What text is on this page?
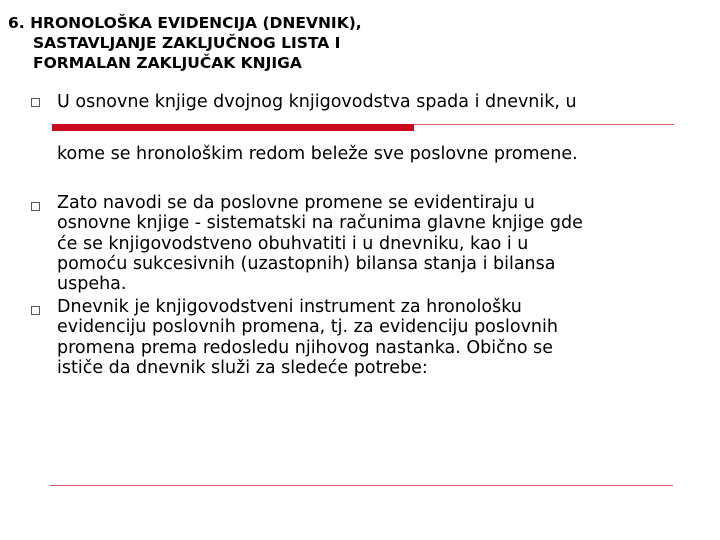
6. HRONOLOŠKA EVIDENCIJA (DNEVNIK),
SASTAVLJANJE ZAKLJUČNOG LISTA I
FORMALAN ZAKLJUČAK KNJIGA
U osnovne knjige dvojnog knjigovodstva spada i dnevnik, u
kome se hronološkim redom beleže sve poslovne promene.
Zato navodi se da poslovne promene se evidentiraju u
osnovne knjige - sistematski na računima glavne knjige gde
će se knjigovodstveno obuhvatiti i u dnevniku, kao i u
pomoću sukcesivnih (uzastopnih) bilansa stanja i bilansa
uspeha.
Dnevnik je knjigovodstveni instrument za hronološku
evidenciju poslovnih promena, tj. za evidenciju poslovnih
promena prema redosledu njihovog nastanka. Obično se
ističe da dnevnik služi za sledeće potrebe:
